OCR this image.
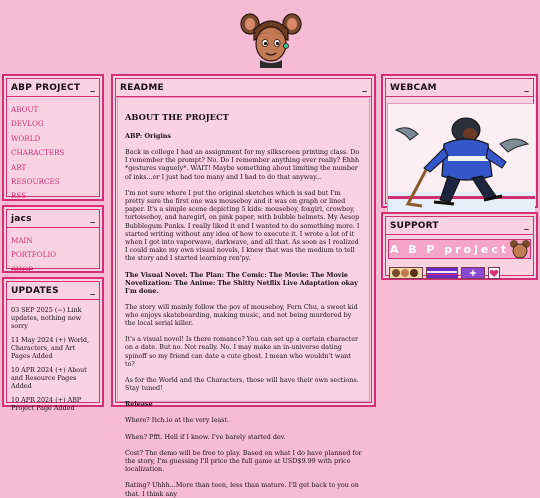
ABP PROJECT _
ABOUT
DEVLOG
WORLD
CHARACTERS
ART
RESOURCES
RSS
jacs	_
MAIN
PORTFOLIO
SHOP
UPDATES	_
03 SEP 2025 (~) Link updates, nothing new sorry
11 May 2024 (+) World, Characters, and Art Pages Added
10 APR 2024 (+) About and Resource Pages Added
10 APR 2024 (+) ABP Project Page Added
README	_
ABOUT THE PROJECT
ABP: Origins

Back in college I had an assignment for my silkscreen printing class. Do I remember the prompt? No. Do I remember anything ever really? Ehhh *gestures vaguely*. WAIT! Maybe something about limiting the number of inks...or I just had too many and I had to do that anyway...

I'm not sure where I put the original sketches which is sad but I'm pretty sure the first one was mouseboy and it was on graph or lined paper. It's a simple scene depicting 5 kids: mouseboy, foxgirl, crowboy, tortoiseboy, and haregirl, on pink paper, with bubble helmets. My Aesop Bubblegum Punks. I really liked it and I wanted to do something more. I started writing without any idea of how to execute it. I wrote a lot of it when I got into vaporwave, darkwave, and all that. As soon as I realized I could make my own visual novels, I knew that was the medium to tell the story and I started learning ren'py.

The Visual Novel: The Plan: The Comic: The Movie: The Movie Novelization: The Anime: The Shitty Netflix Live Adaptation okay I'm done.

The story will mainly follow the pov of mouseboy, Fern Chu, a sweet kid who enjoys skateboarding, making music, and not being murdered by the local serial killer.

It's a visual novel! Is there romance? You can set up a certain character on a date. But no. Not really. No. I may make an in-universe dating spinoff so my friend can date a cute ghost. I mean who wouldn't want to?

As for the World and the Characters, those will have their own sections. Stay tuned!

Release

Where? Itch.io at the very least.

When? Pfft. Hell if I know. I've barely started dev.

Cost? The demo will be free to play. Based on what I do have planned for the story, I'm guessing I'll price the full game at USD$9.99 with price localization.

Rating? Uhhh...More than teen, less than mature. I'll get back to you on that. I think any

WEBCAM	_
SUPPORT	_
A B P project
